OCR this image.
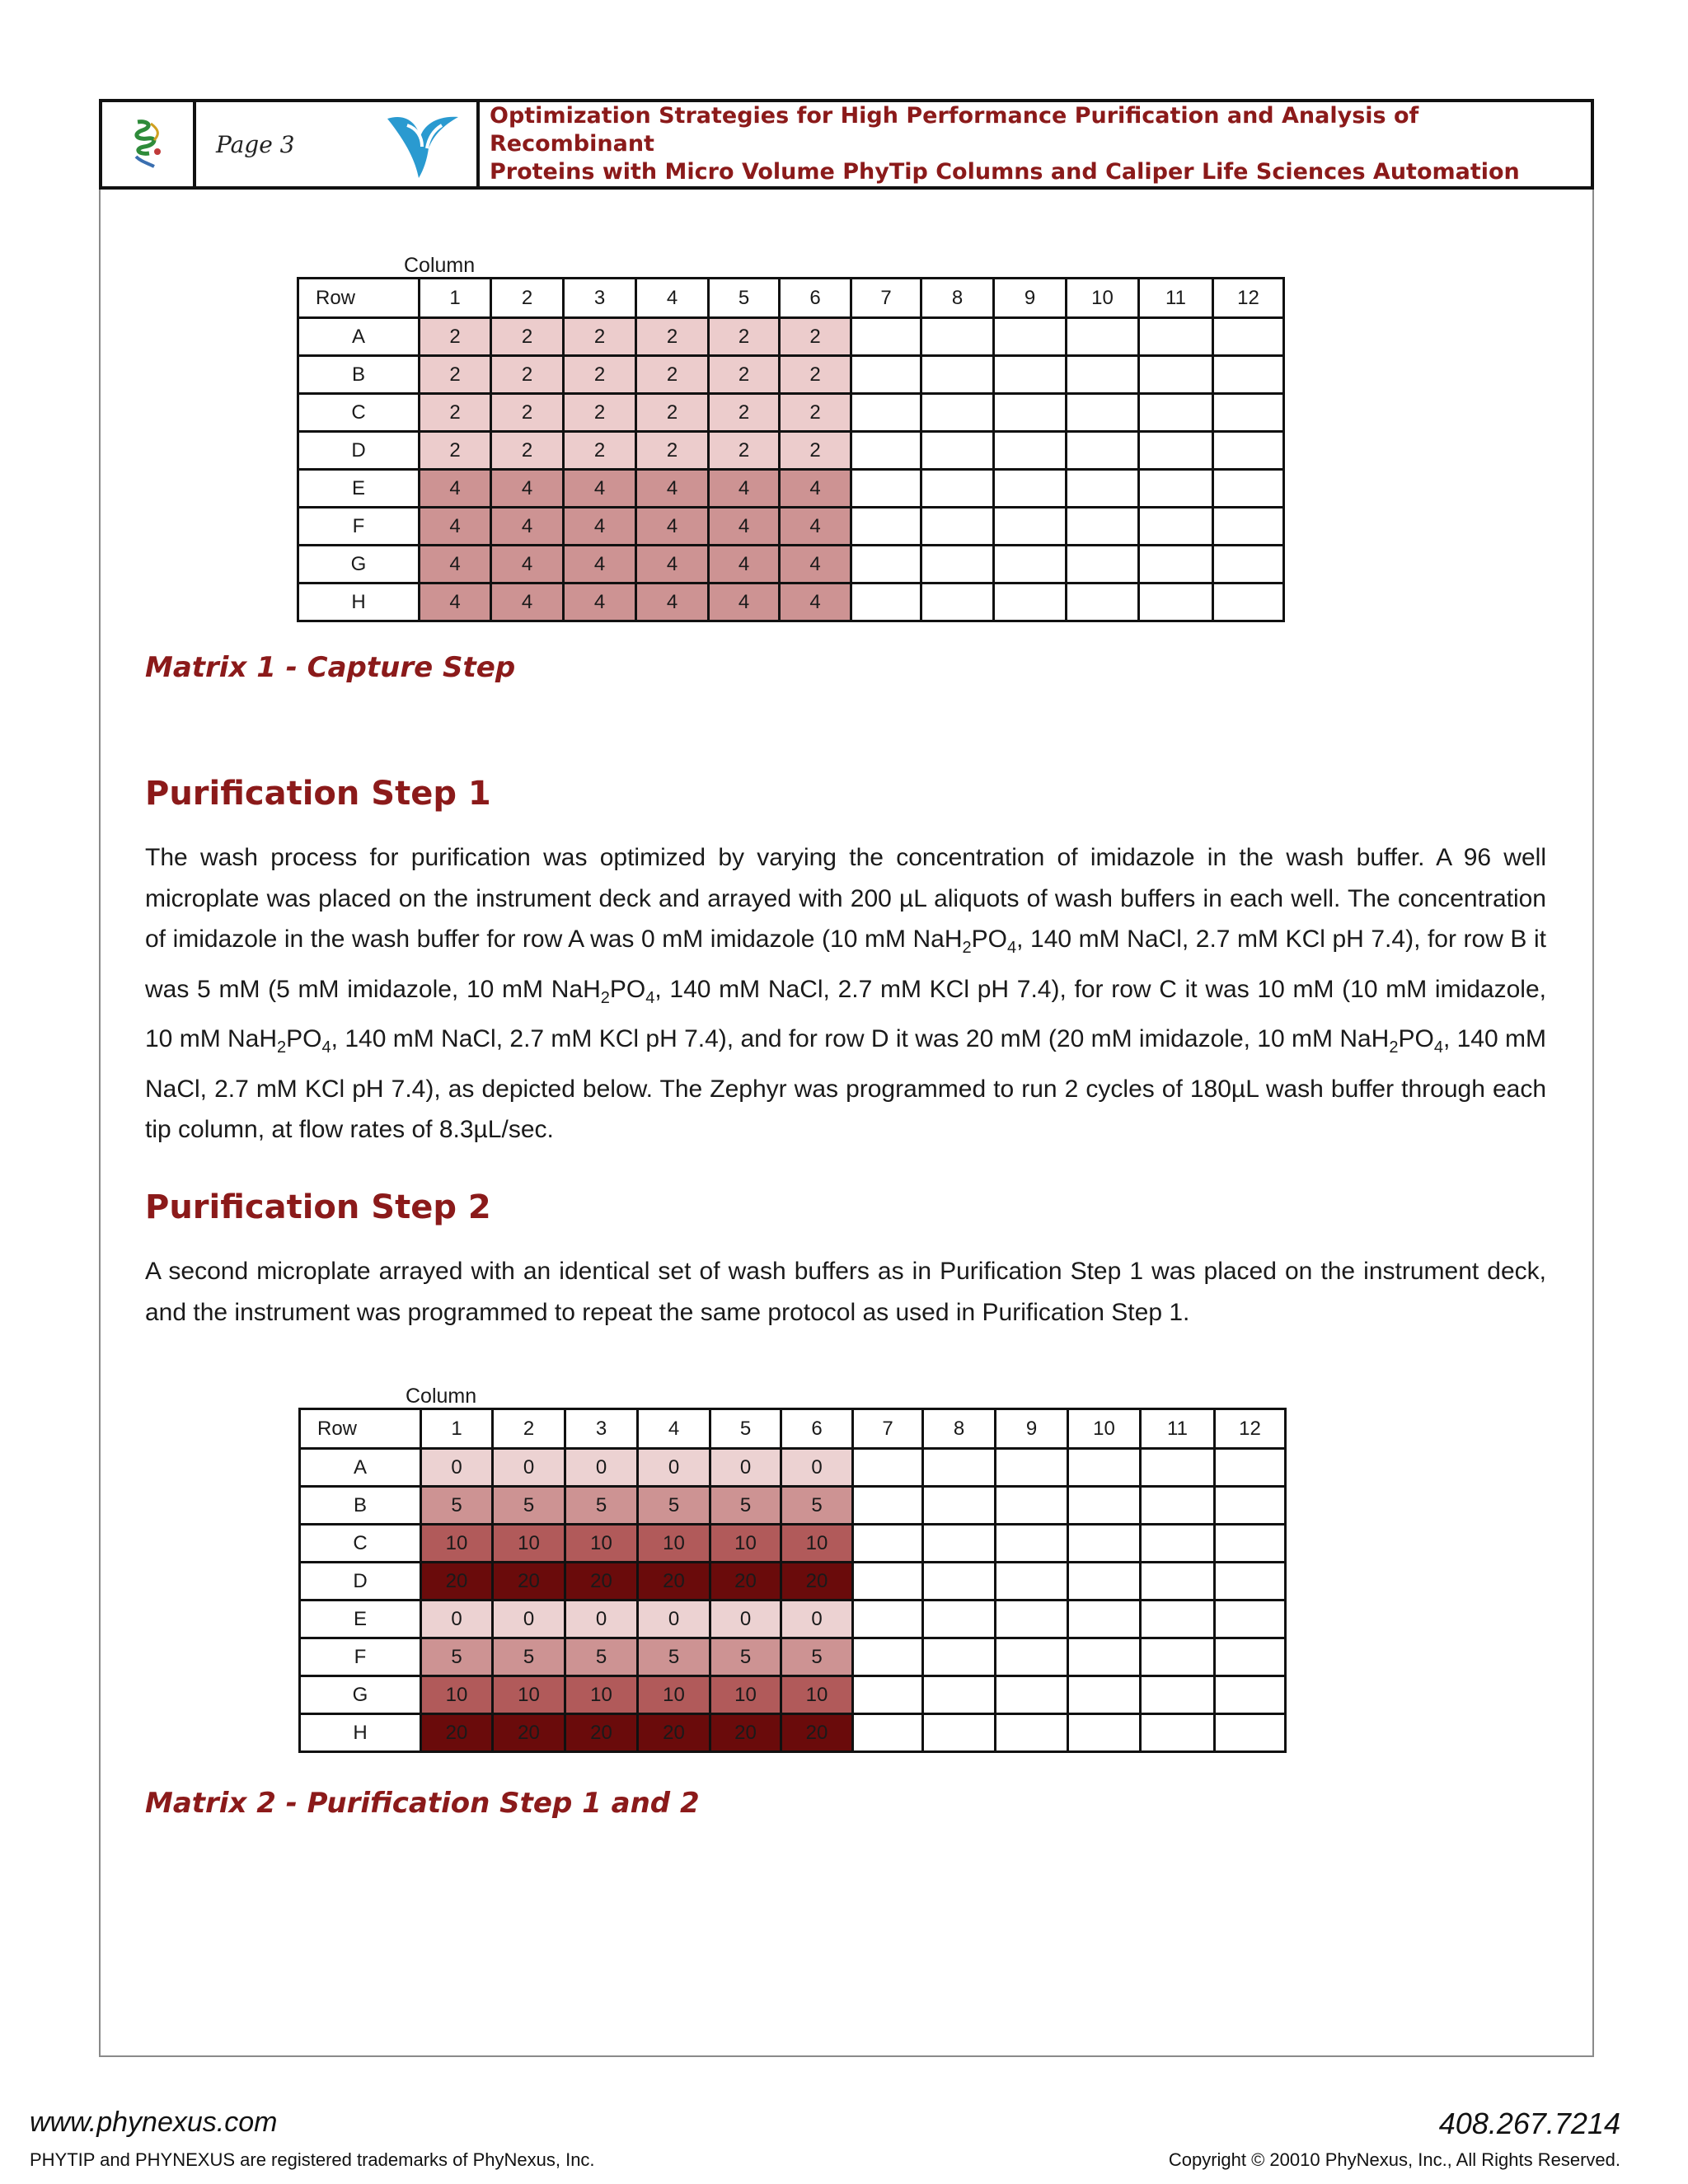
Page 3
Optimization Strategies for High Performance Purification and Analysis of Recombinant
Proteins with Micro Volume PhyTip Columns and Caliper Life Sciences Automation
Column
Row	1	2	3	4	5	6	7	8	9	10	11	12
A	2	2	2	2	2	2						
B	2	2	2	2	2	2						
C	2	2	2	2	2	2						
D	2	2	2	2	2	2						
E	4	4	4	4	4	4						
F	4	4	4	4	4	4						
G	4	4	4	4	4	4						
H	4	4	4	4	4	4						
Matrix 1 - Capture Step
Purification Step 1
The wash process for purification was optimized by varying the concentration of imidazole in the wash buffer. A 96 well microplate was placed on the instrument deck and arrayed with 200 µL aliquots of wash buffers in each well. The concentration of imidazole in the wash buffer for row A was 0 mM imidazole (10 mM $NaH_2PO_4$, 140 mM NaCl, 2.7 mM KCl pH 7.4), for row B it was 5 mM (5 mM imidazole, 10 mM $NaH_2PO_4$, 140 mM NaCl, 2.7 mM KCl pH 7.4), for row C it was 10 mM (10 mM imidazole, 10 mM $NaH_2PO_4$, 140 mM NaCl, 2.7 mM KCl pH 7.4), and for row D it was 20 mM (20 mM imidazole, 10 mM $NaH_2PO_4$, 140 mM NaCl, 2.7 mM KCl pH 7.4), as depicted below. The Zephyr was programmed to run 2 cycles of 180µL wash buffer through each tip column, at flow rates of 8.3µL/sec.
Purification Step 2
A second microplate arrayed with an identical set of wash buffers as in Purification Step 1 was placed on the instrument deck, and the instrument was programmed to repeat the same protocol as used in Purification Step 1.
Column
Row	1	2	3	4	5	6	7	8	9	10	11	12
A	0	0	0	0	0	0						
B	5	5	5	5	5	5						
C	10	10	10	10	10	10						
D	20	20	20	20	20	20						
E	0	0	0	0	0	0						
F	5	5	5	5	5	5						
G	10	10	10	10	10	10						
H	20	20	20	20	20	20						
Matrix 2 - Purification Step 1 and 2
www.phynexus.com	408.267.7214
PHYTIP and PHYNEXUS are registered trademarks of PhyNexus, Inc.	Copyright © 20010 PhyNexus, Inc., All Rights Reserved.
